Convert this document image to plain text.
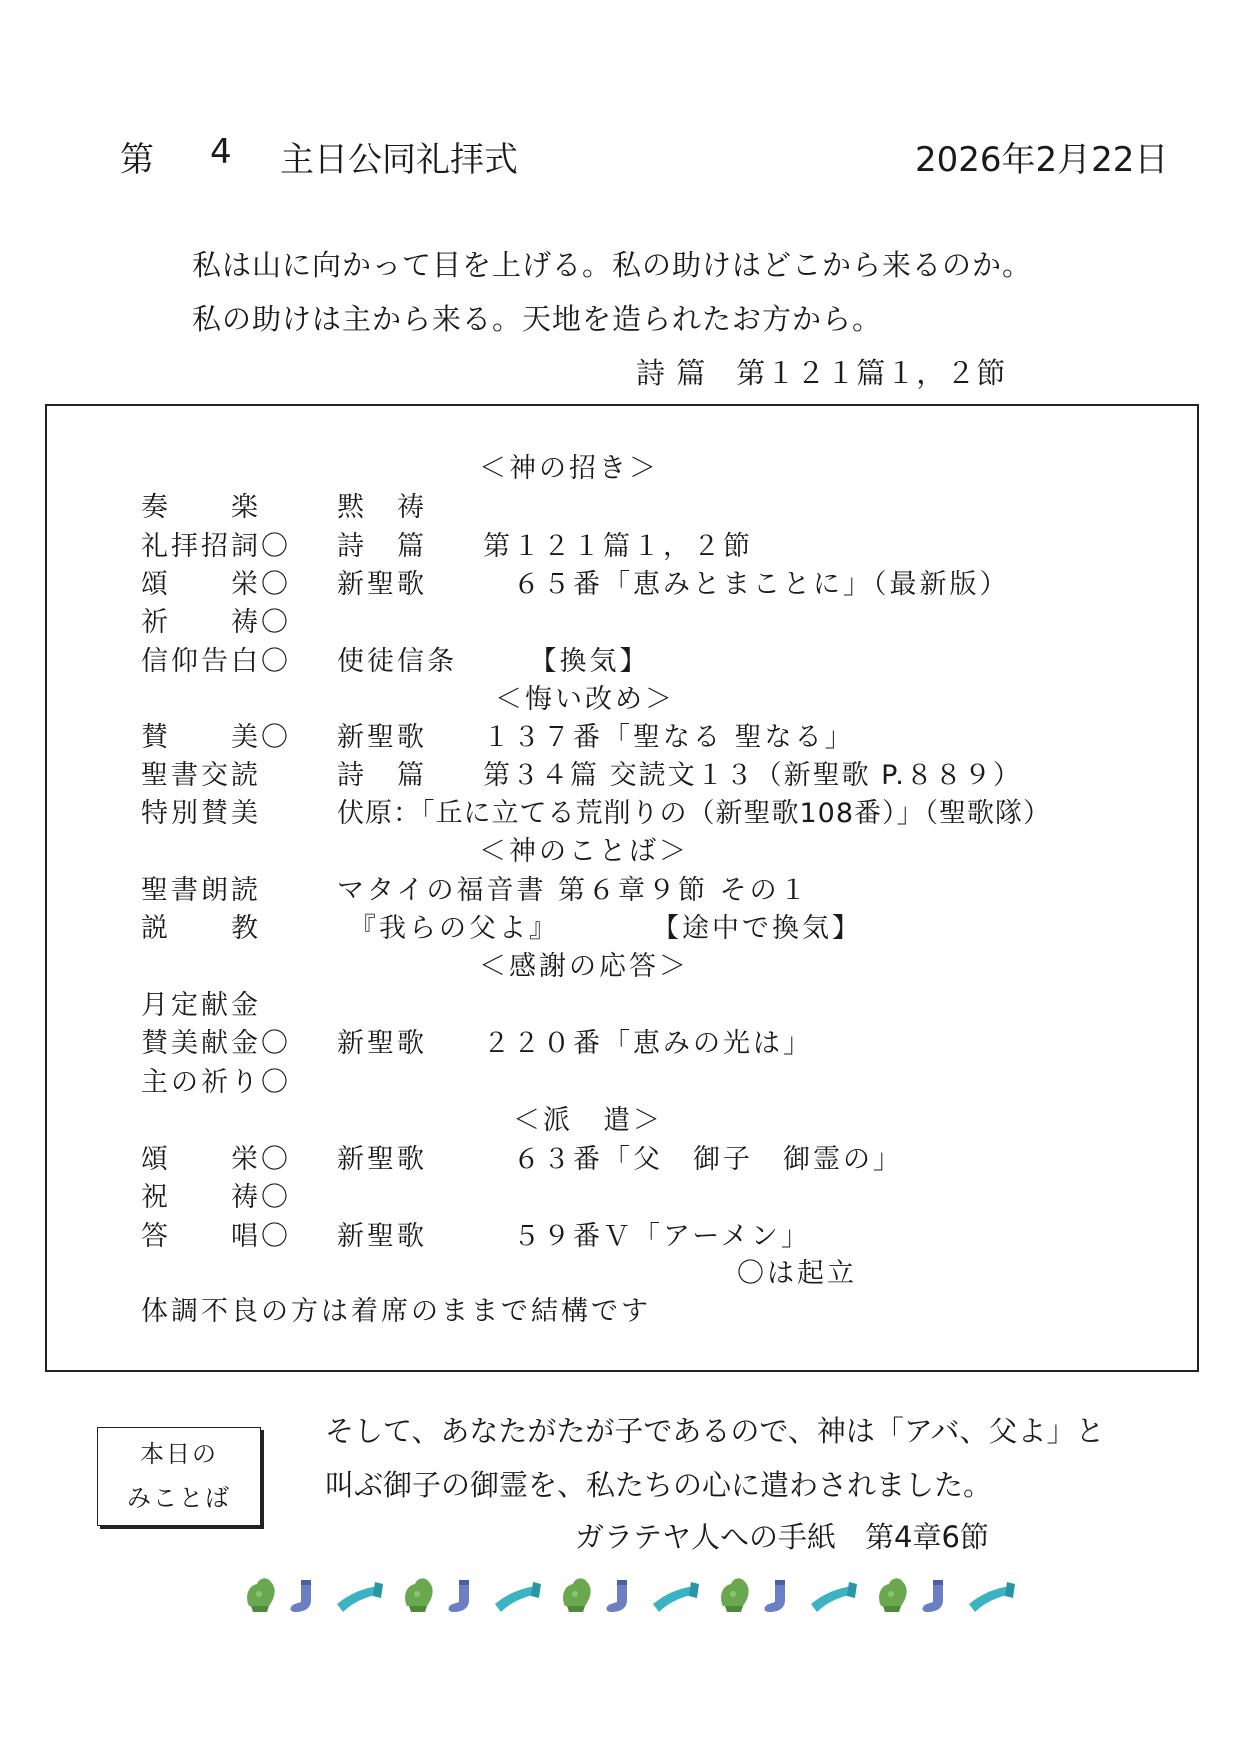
第 4 主日公同礼拝式	2026年2月22日
私は山に向かって目を上げる。私の助けはどこから来るのか。
私の助けは主から来る。天地を造られたお方から。
詩 篇　第１２１篇１，２節
＜神の招き＞
奏　　楽	黙　祷
礼拝招詞〇 詩　篇 第１２１篇１，２節
頌　　栄〇 新聖歌 　６５番「恵みとまことに」（最新版）
祈　　祷〇
信仰告白〇 使徒信条 　　【換気】
＜悔い改め＞
賛　　美〇 新聖歌 １３７番「聖なる 聖なる」
聖書交読	詩　篇 第３４篇 交読文１３（新聖歌 P.８８９）
特別賛美	伏原：「丘に立てる荒削りの（新聖歌108番）」（聖歌隊）
＜神のことば＞
聖書朗読	マタイの福音書 第６章９節 その１
説　　教	『我らの父よ』　　　　【途中で換気】
＜感謝の応答＞
月定献金
賛美献金〇 新聖歌 ２２０番「恵みの光は」
主の祈り〇
＜派　遣＞
頌　　栄〇 新聖歌 　６３番「父　御子　御霊の」
祝　　祷〇
答　　唱〇 新聖歌 　５９番Ｖ「アーメン」
〇は起立
体調不良の方は着席のままで結構です
本日の
みことば
そして、あなたがたが子であるので、神は「アバ、父よ」と
叫ぶ御子の御霊を、私たちの心に遣わされました。
ガラテヤ人への手紙　第4章6節
